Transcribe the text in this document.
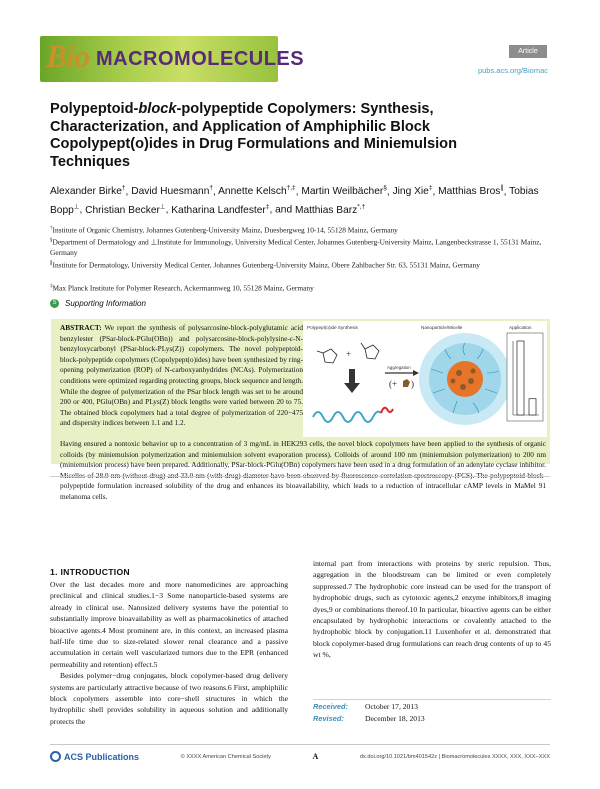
Bio MACROMOLECULES	Article
pubs.acs.org/Biomac
Polypeptoid-block-polypeptide Copolymers: Synthesis, Characterization, and Application of Amphiphilic Block Copolypept(o)ides in Drug Formulations and Miniemulsion Techniques
Alexander Birke†, David Huesmann†, Annette Kelsch†,‡, Martin Weilbächer§, Jing Xie‡, Matthias Bros∥, Tobias Bopp⊥, Christian Becker⊥, Katharina Landfester‡, and Matthias Barz*,†
†Institute of Organic Chemistry, Johannes Gutenberg-University Mainz, Duesbergweg 10-14, 55128 Mainz, Germany
§Department of Dermatology and ⊥Institute for Immunology, University Medical Center, Johannes Gutenberg-University Mainz, Langenbeckstrasse 1, 55131 Mainz, Germany
∥Institute for Dermatology, University Medical Center, Johannes Gutenberg-University Mainz, Obere Zahlbacher Str. 63, 55131 Mainz, Germany
‡Max Planck Institute for Polymer Research, Ackermannweg 10, 55128 Mainz, Germany
S	Supporting Information
ABSTRACT: We report the synthesis of polysarcosine-block-polyglutamic acid benzylester (PSar-block-PGlu(OBn)) and polysarcosine-block-polylysine-ε-N-benzyloxycarbonyl (PSar-block-PLys(Z)) copolymers. The novel polypeptoid-block-polypeptide copolymers (Copolypept(o)ides) have been synthesized by ring-opening polymerization (ROP) of N-carboxyanhydrides (NCAs). Polymerization conditions were optimized regarding protecting groups, block sequence and length. While the degree of polymerization of the PSar block length was set to be around 200 or 400, PGlu(OBn) and PLys(Z) block lengths were varied between 20 to 75. The obtained block copolymers had a total degree of polymerization of 220−475 and dispersity indices between 1.1 and 1.2.
Having ensured a nontoxic behavior up to a concentration of 3 mg/mL in HEK293 cells, the novel block copolymers have been applied to the synthesis of organic colloids (by miniemulsion polymerization and miniemulsion solvent evaporation process). Colloids of around 100 nm (miniemulsion polymerization) to 200 nm (miniemulsion process) have been prepared. Additionally, PSar-block-PGlu(OBn) copolymers have been used in a drug formulation of an adenylate cyclase inhibitor. Micelles of 28.0 nm (without drug) and 33.0 nm (with drug) diameter have been observed by fluorescence correlation spectroscopy (FCS). The polypeptoid-block-polypeptide formulation increased solubility of the drug and enhances its bioavailability, which leads to a reduction of intracellular cAMP levels in MaMel 91 melanoma cells.
Polypept(o)ide Synthesis	Nanoparticle/Micelle	Application
+
Aggregation
(+ )
1. INTRODUCTION

Over the last decades more and more nanomedicines are approaching preclinical and clinical studies.1−3 Some nanoparticle-based systems are already in clinical use. Nanosized delivery systems have the potential to substantially improve bioavailability as well as pharmacokinetics of attached bioactive agents.4 Most prominent are, in this context, an increased plasma half-life time due to size-related slower renal clearance and a passive accumulation in certain well vascularized tumors due to the EPR (enhanced permeability and retention) effect.5

Besides polymer−drug conjugates, block copolymer-based drug delivery systems are particularly attractive because of two reasons.6 First, amphiphilic block copolymers assemble into core−shell structures in which the hydrophilic shell provides solubility in aqueous solution and additionally protects the

internal part from interactions with proteins by steric repulsion. Thus, aggregation in the bloodstream can be limited or even completely suppressed.7 The hydrophobic core instead can be used for the transport of hydrophobic drugs, such as cytotoxic agents,2 enzyme inhibitors,8 imaging dyes,9 or combinations thereof.10 In particular, bioactive agents can be either encapsulated by hydrophobic interactions or covalently attached to the hydrophobic block by conjugation.11 Luxenhofer et al. demonstrated that block copolymer-based drug formulations can reach drug contents of up to 45 wt %,
Received: October 17, 2013
Revised:	December 18, 2013
ACS Publications	© XXXX American Chemical Society	A	dx.doi.org/10.1021/bm401542z | Biomacromolecules XXXX, XXX, XXX−XXX
